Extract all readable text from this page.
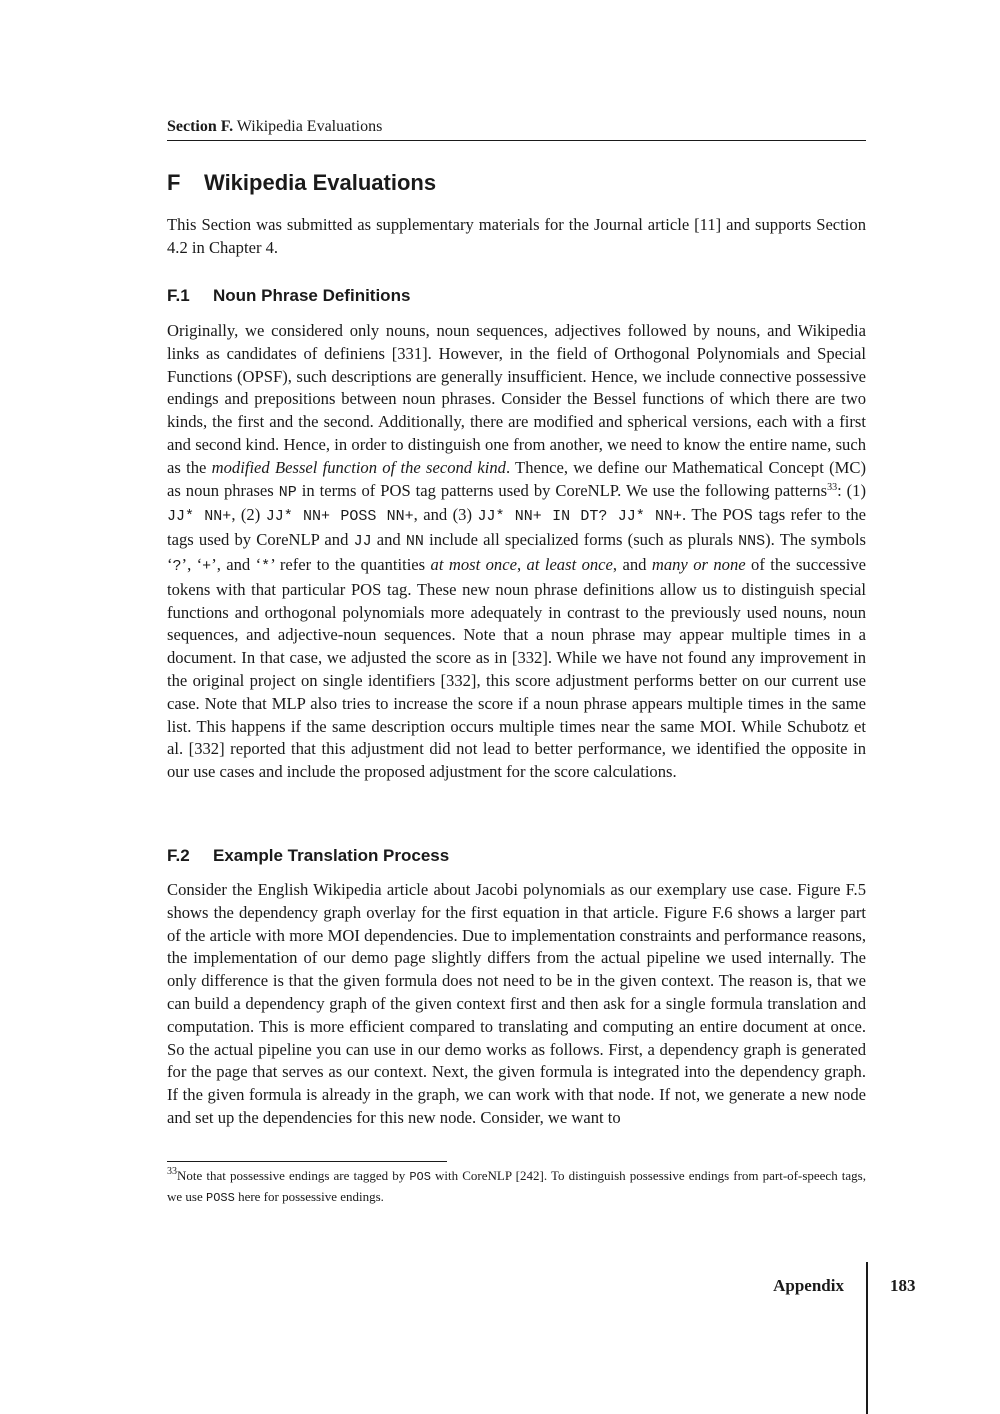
Section F. Wikipedia Evaluations
F Wikipedia Evaluations

This Section was submitted as supplementary materials for the Journal article [11] and supports Section 4.2 in Chapter 4.

F.1 Noun Phrase Definitions

Originally, we considered only nouns, noun sequences, adjectives followed by nouns, and Wikipedia links as candidates of definiens [331]. However, in the field of Orthogonal Polynomials and Special Functions (OPSF), such descriptions are generally insufficient. Hence, we include connective possessive endings and prepositions between noun phrases. Consider the Bessel functions of which there are two kinds, the first and the second. Additionally, there are modified and spherical versions, each with a first and second kind. Hence, in order to distinguish one from another, we need to know the entire name, such as the modified Bessel function of the second kind. Thence, we define our Mathematical Concept (MC) as noun phrases NP in terms of POS tag patterns used by CoreNLP. We use the following patterns$^{33}$: (1) JJ* NN+, (2) JJ* NN+ POSS NN+, and (3) JJ* NN+ IN DT? JJ* NN+. The POS tags refer to the tags used by CoreNLP and JJ and NN include all specialized forms (such as plurals NNS). The symbols ‘?’, ‘+’, and ‘*’ refer to the quantities at most once, at least once, and many or none of the successive tokens with that particular POS tag. These new noun phrase definitions allow us to distinguish special functions and orthogonal polynomials more adequately in contrast to the previously used nouns, noun sequences, and adjective-noun sequences. Note that a noun phrase may appear multiple times in a document. In that case, we adjusted the score as in [332]. While we have not found any improvement in the original project on single identifiers [332], this score adjustment performs better on our current use case. Note that MLP also tries to increase the score if a noun phrase appears multiple times in the same list. This happens if the same description occurs multiple times near the same MOI. While Schubotz et al. [332] reported that this adjustment did not lead to better performance, we identified the opposite in our use cases and include the proposed adjustment for the score calculations.

F.2 Example Translation Process

Consider the English Wikipedia article about Jacobi polynomials as our exemplary use case. Figure F.5 shows the dependency graph overlay for the first equation in that article. Figure F.6 shows a larger part of the article with more MOI dependencies. Due to implementation constraints and performance reasons, the implementation of our demo page slightly differs from the actual pipeline we used internally. The only difference is that the given formula does not need to be in the given context. The reason is, that we can build a dependency graph of the given context first and then ask for a single formula translation and computation. This is more efficient compared to translating and computing an entire document at once. So the actual pipeline you can use in our demo works as follows. First, a dependency graph is generated for the page that serves as our context. Next, the given formula is integrated into the dependency graph. If the given formula is already in the graph, we can work with that node. If not, we generate a new node and set up the dependencies for this new node. Consider, we want to

$^{33}$Note that possessive endings are tagged by POS with CoreNLP [242]. To distinguish possessive endings from part-of-speech tags, we use POSS here for possessive endings.

Appendix	183
